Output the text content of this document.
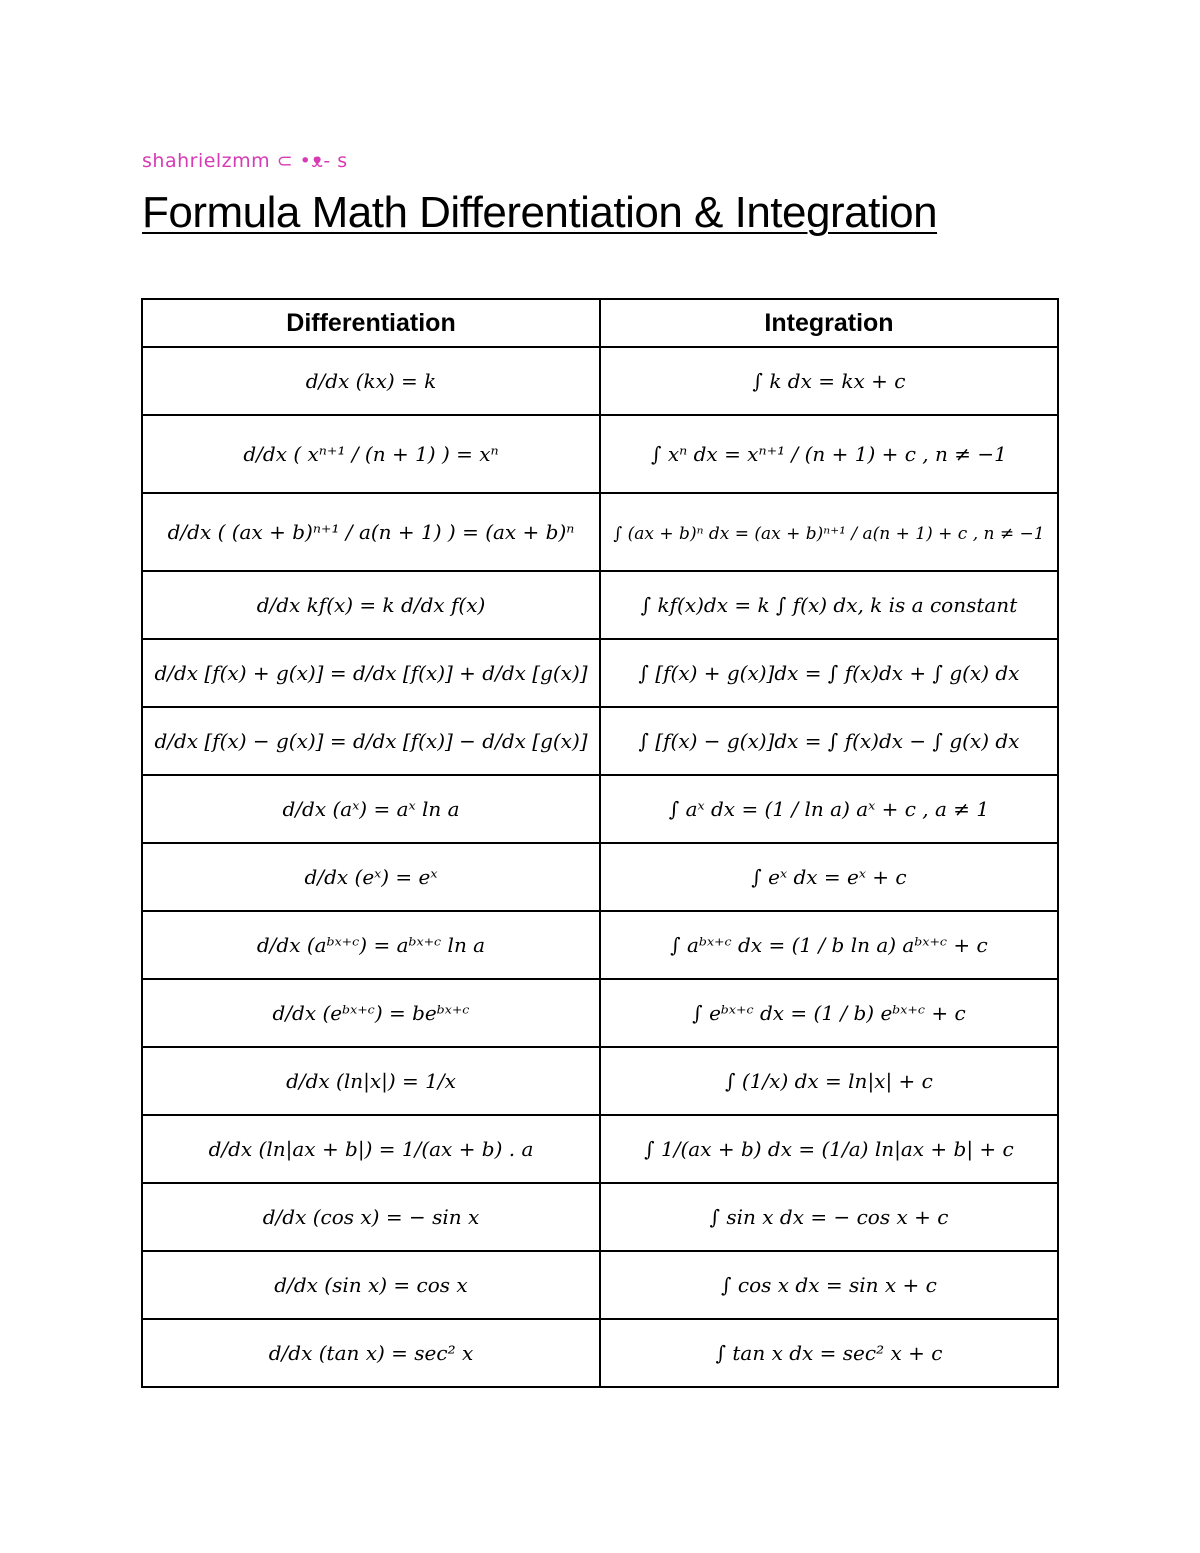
shahrielzmm ⊂ •ᴥ- ꜱ
Formula Math Differentiation & Integration
Differentiation	Integration
d/dx (kx) = k	∫ k dx = kx + c
d/dx ( xⁿ⁺¹ / (n + 1) ) = xⁿ	∫ xⁿ dx = xⁿ⁺¹ / (n + 1) + c , n ≠ −1
d/dx ( (ax + b)ⁿ⁺¹ / a(n + 1) ) = (ax + b)ⁿ	∫ (ax + b)ⁿ dx = (ax + b)ⁿ⁺¹ / a(n + 1) + c , n ≠ −1
d/dx kf(x) = k d/dx f(x)	∫ kf(x)dx = k ∫ f(x) dx, k is a constant
d/dx [f(x) + g(x)] = d/dx [f(x)] + d/dx [g(x)]	∫ [f(x) + g(x)]dx = ∫ f(x)dx + ∫ g(x) dx
d/dx [f(x) − g(x)] = d/dx [f(x)] − d/dx [g(x)]	∫ [f(x) − g(x)]dx = ∫ f(x)dx − ∫ g(x) dx
d/dx (aˣ) = aˣ ln a	∫ aˣ dx = (1 / ln a) aˣ + c , a ≠ 1
d/dx (eˣ) = eˣ	∫ eˣ dx = eˣ + c
d/dx (aᵇˣ⁺ᶜ) = aᵇˣ⁺ᶜ ln a	∫ aᵇˣ⁺ᶜ dx = (1 / b ln a) aᵇˣ⁺ᶜ + c
d/dx (eᵇˣ⁺ᶜ) = beᵇˣ⁺ᶜ	∫ eᵇˣ⁺ᶜ dx = (1 / b) eᵇˣ⁺ᶜ + c
d/dx (ln|x|) = 1/x	∫ (1/x) dx = ln|x| + c
d/dx (ln|ax + b|) = 1/(ax + b) . a	∫ 1/(ax + b) dx = (1/a) ln|ax + b| + c
d/dx (cos x) = − sin x	∫ sin x dx = − cos x + c
d/dx (sin x) = cos x	∫ cos x dx = sin x + c
d/dx (tan x) = sec² x	∫ tan x dx = sec² x + c
